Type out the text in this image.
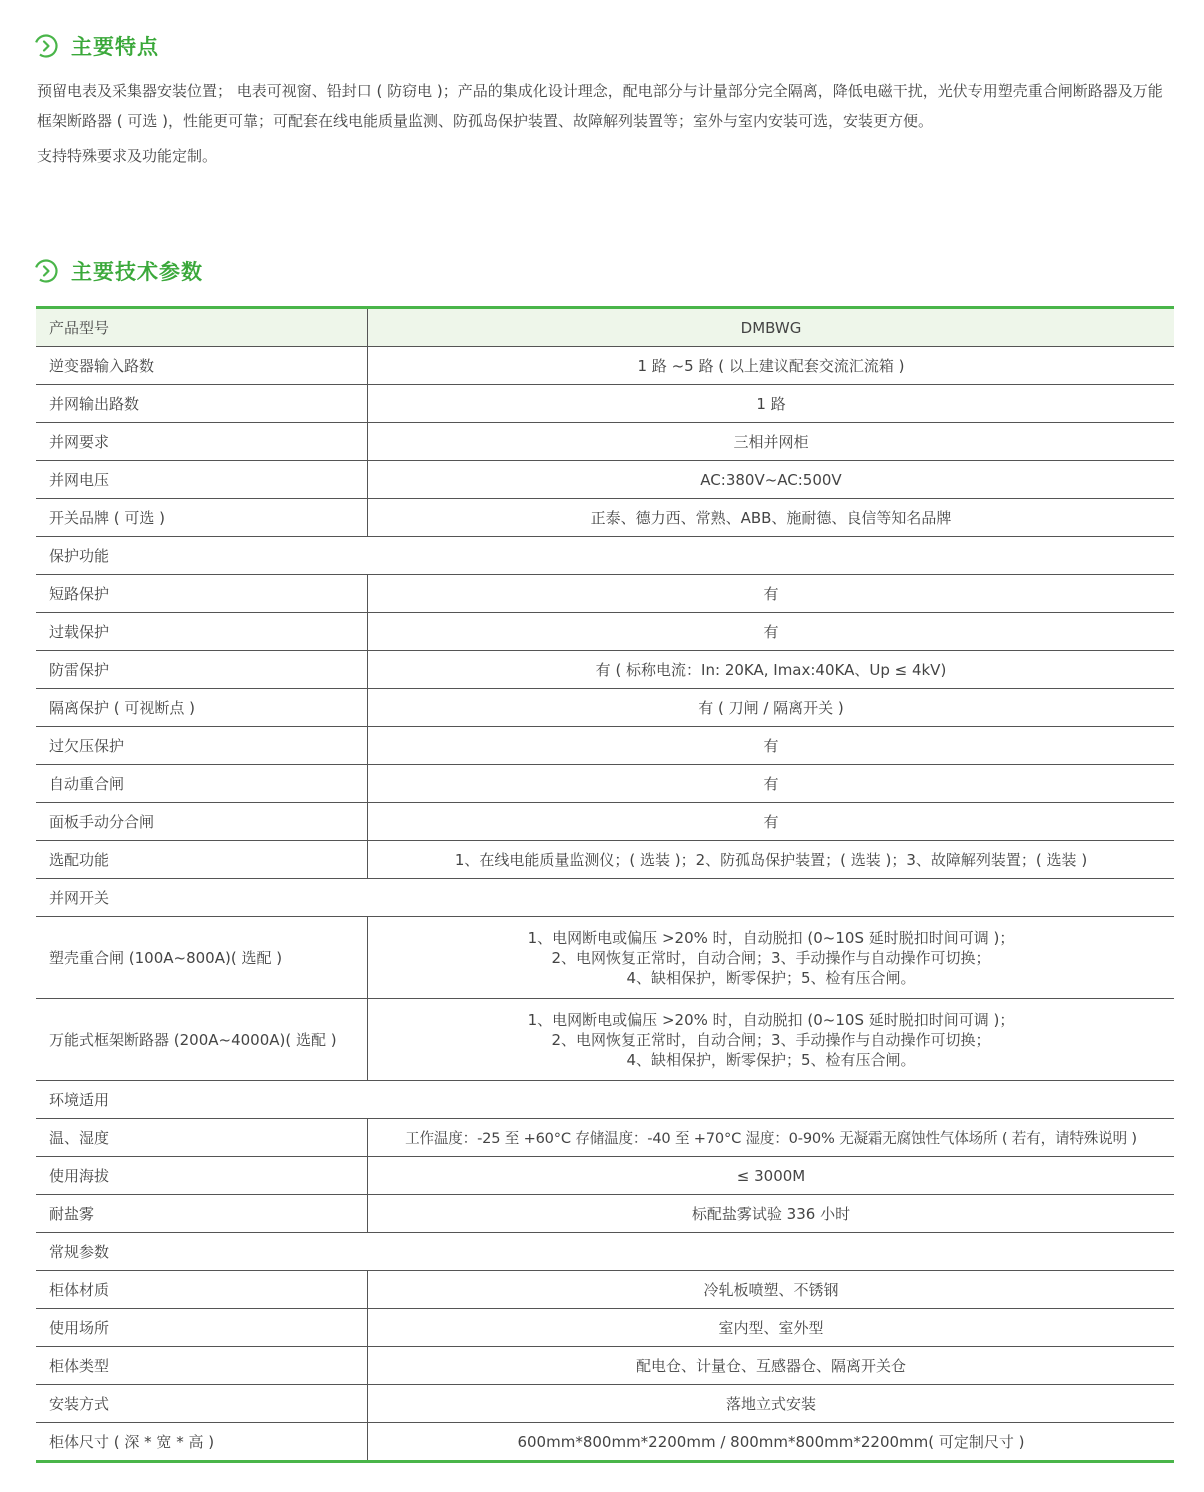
主要特点
预留电表及采集器安装位置； 电表可视窗、铅封口 ( 防窃电 )；产品的集成化设计理念，配电部分与计量部分完全隔离，降低电磁干扰，光伏专用塑壳重合闸断路器及万能框架断路器 ( 可选 )，性能更可靠；可配套在线电能质量监测、防孤岛保护装置、故障解列装置等；室外与室内安装可选，安装更方便。
支持特殊要求及功能定制。
主要技术参数
产品型号	DMBWG
逆变器输入路数	1 路 ~5 路 ( 以上建议配套交流汇流箱 )
并网输出路数	1 路
并网要求	三相并网柜
并网电压	AC:380V~AC:500V
开关品牌 ( 可选 )	正泰、德力西、常熟、ABB、施耐德、良信等知名品牌
保护功能	
短路保护	有
过载保护	有
防雷保护	有 ( 标称电流：In: 20KA, Imax:40KA、Up ≤ 4kV)
隔离保护 ( 可视断点 )	有 ( 刀闸 / 隔离开关 )
过欠压保护	有
自动重合闸	有
面板手动分合闸	有
选配功能	1、在线电能质量监测仪；( 选装 )；2、防孤岛保护装置；( 选装 )；3、故障解列装置；( 选装 )
并网开关	
塑壳重合闸 (100A~800A)( 选配 )	1、电网断电或偏压 >20% 时，自动脱扣 (0~10S 延时脱扣时间可调 )；
2、电网恢复正常时，自动合闸；3、手动操作与自动操作可切换；
4、缺相保护，断零保护；5、检有压合闸。

万能式框架断路器 (200A~4000A)( 选配 )	1、电网断电或偏压 >20% 时，自动脱扣 (0~10S 延时脱扣时间可调 )；
2、电网恢复正常时，自动合闸；3、手动操作与自动操作可切换；
4、缺相保护，断零保护；5、检有压合闸。

环境适用	
温、湿度	工作温度：-25 至 +60°C 存储温度：-40 至 +70°C 湿度：0-90% 无凝霜无腐蚀性气体场所 ( 若有，请特殊说明 )
使用海拔	≤ 3000M
耐盐雾	标配盐雾试验 336 小时
常规参数	
柜体材质	冷轧板喷塑、不锈钢
使用场所	室内型、室外型
柜体类型	配电仓、计量仓、互感器仓、隔离开关仓
安装方式	落地立式安装
柜体尺寸 ( 深 * 宽 * 高 )	600mm*800mm*2200mm / 800mm*800mm*2200mm( 可定制尺寸 )
